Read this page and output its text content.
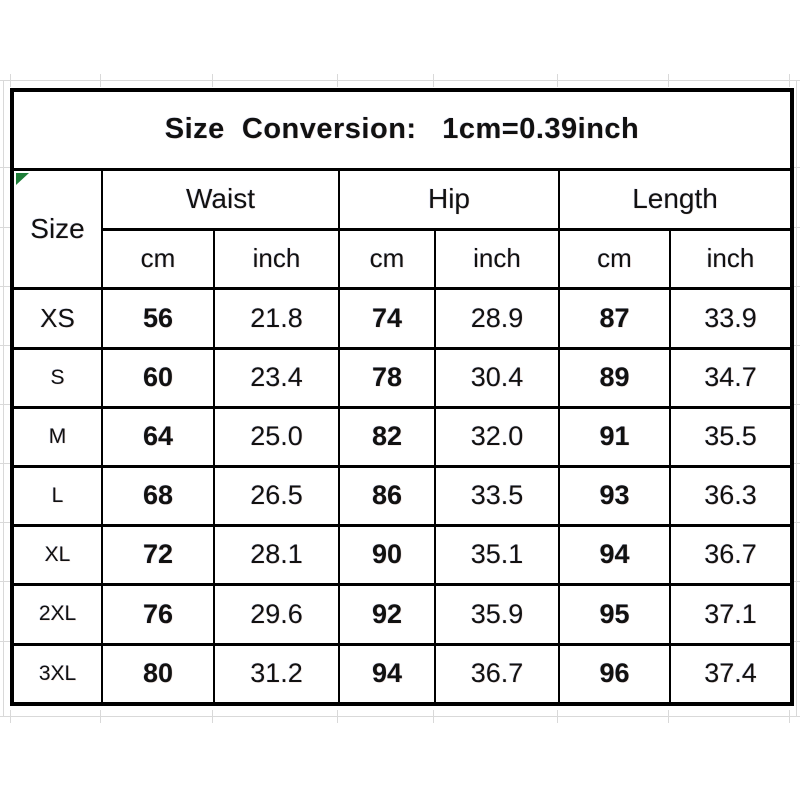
Size  Conversion:   1cm=0.39inch						

Size	Waist		Hip		Length	
	cm	inch	cm	inch	cm	inch
XS	56	21.8	74	28.9	87	33.9
S	60	23.4	78	30.4	89	34.7
M	64	25.0	82	32.0	91	35.5
L	68	26.5	86	33.5	93	36.3
XL	72	28.1	90	35.1	94	36.7
2XL	76	29.6	92	35.9	95	37.1
3XL	80	31.2	94	36.7	96	37.4
